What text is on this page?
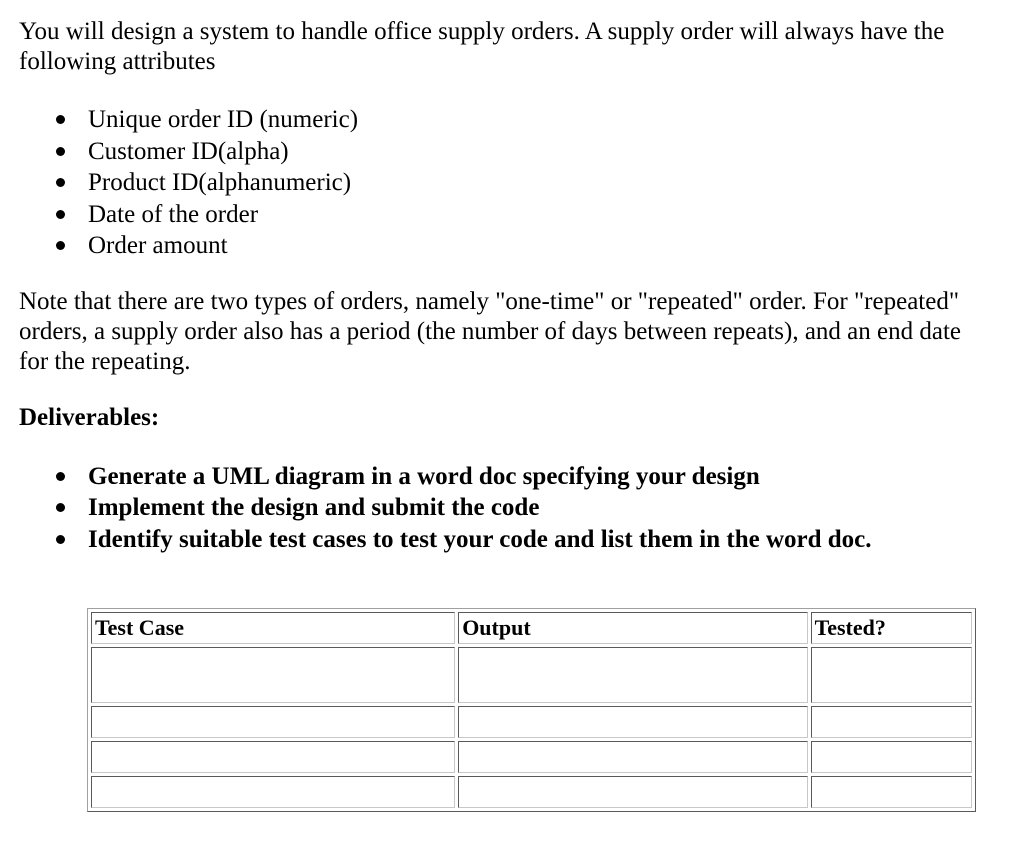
You will design a system to handle office supply orders. A supply order will always have the following attributes

Unique order ID (numeric)
Customer ID(alpha)
Product ID(alphanumeric)
Date of the order
Order amount

Note that there are two types of orders, namely "one-time" or "repeated" order. For "repeated" orders, a supply order also has a period (the number of days between repeats), and an end date for the repeating.

Deliverables:

Generate a UML diagram in a word doc specifying your design
Implement the design and submit the code
Identify suitable test cases to test your code and list them in the word doc.
Test Case	Output	Tested?
